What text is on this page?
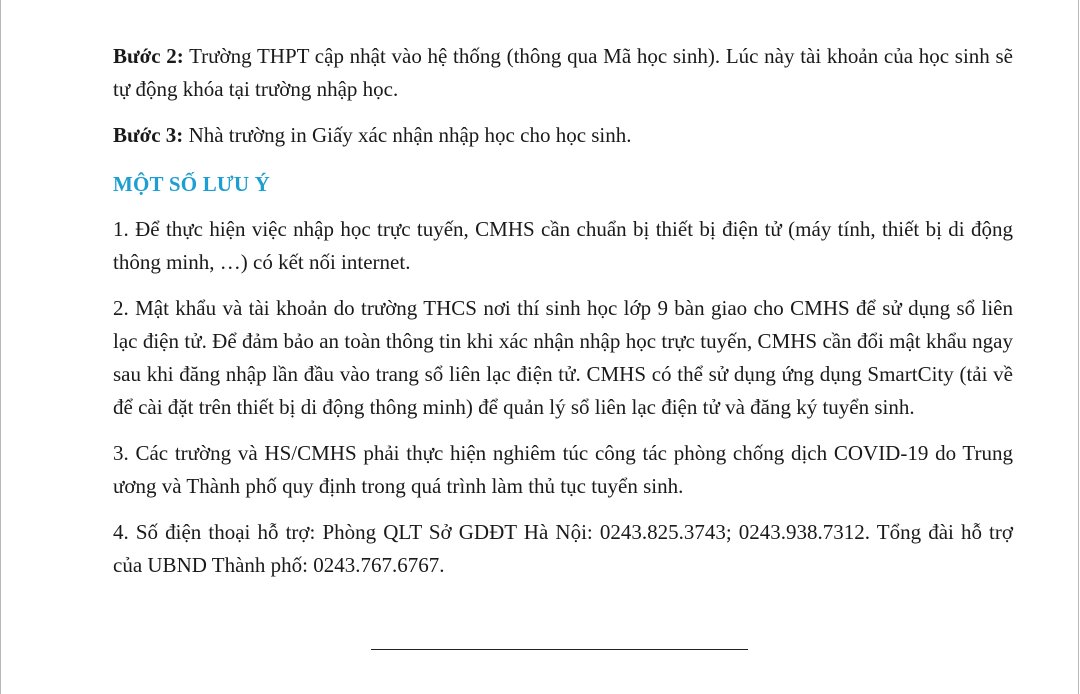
Bước 2: Trường THPT cập nhật vào hệ thống (thông qua Mã học sinh). Lúc này tài khoản của học sinh sẽ tự động khóa tại trường nhập học.

Bước 3: Nhà trường in Giấy xác nhận nhập học cho học sinh.

MỘT SỐ LƯU Ý

1. Để thực hiện việc nhập học trực tuyến, CMHS cần chuẩn bị thiết bị điện tử (máy tính, thiết bị di động thông minh, …) có kết nối internet.

2. Mật khẩu và tài khoản do trường THCS nơi thí sinh học lớp 9 bàn giao cho CMHS để sử dụng sổ liên lạc điện tử. Để đảm bảo an toàn thông tin khi xác nhận nhập học trực tuyến, CMHS cần đổi mật khẩu ngay sau khi đăng nhập lần đầu vào trang sổ liên lạc điện tử. CMHS có thể sử dụng ứng dụng SmartCity (tải về để cài đặt trên thiết bị di động thông minh) để quản lý sổ liên lạc điện tử và đăng ký tuyển sinh.

3. Các trường và HS/CMHS phải thực hiện nghiêm túc công tác phòng chống dịch COVID-19 do Trung ương và Thành phố quy định trong quá trình làm thủ tục tuyển sinh.

4. Số điện thoại hỗ trợ: Phòng QLT Sở GDĐT Hà Nội: 0243.825.3743; 0243.938.7312. Tổng đài hỗ trợ của UBND Thành phố: 0243.767.6767.
